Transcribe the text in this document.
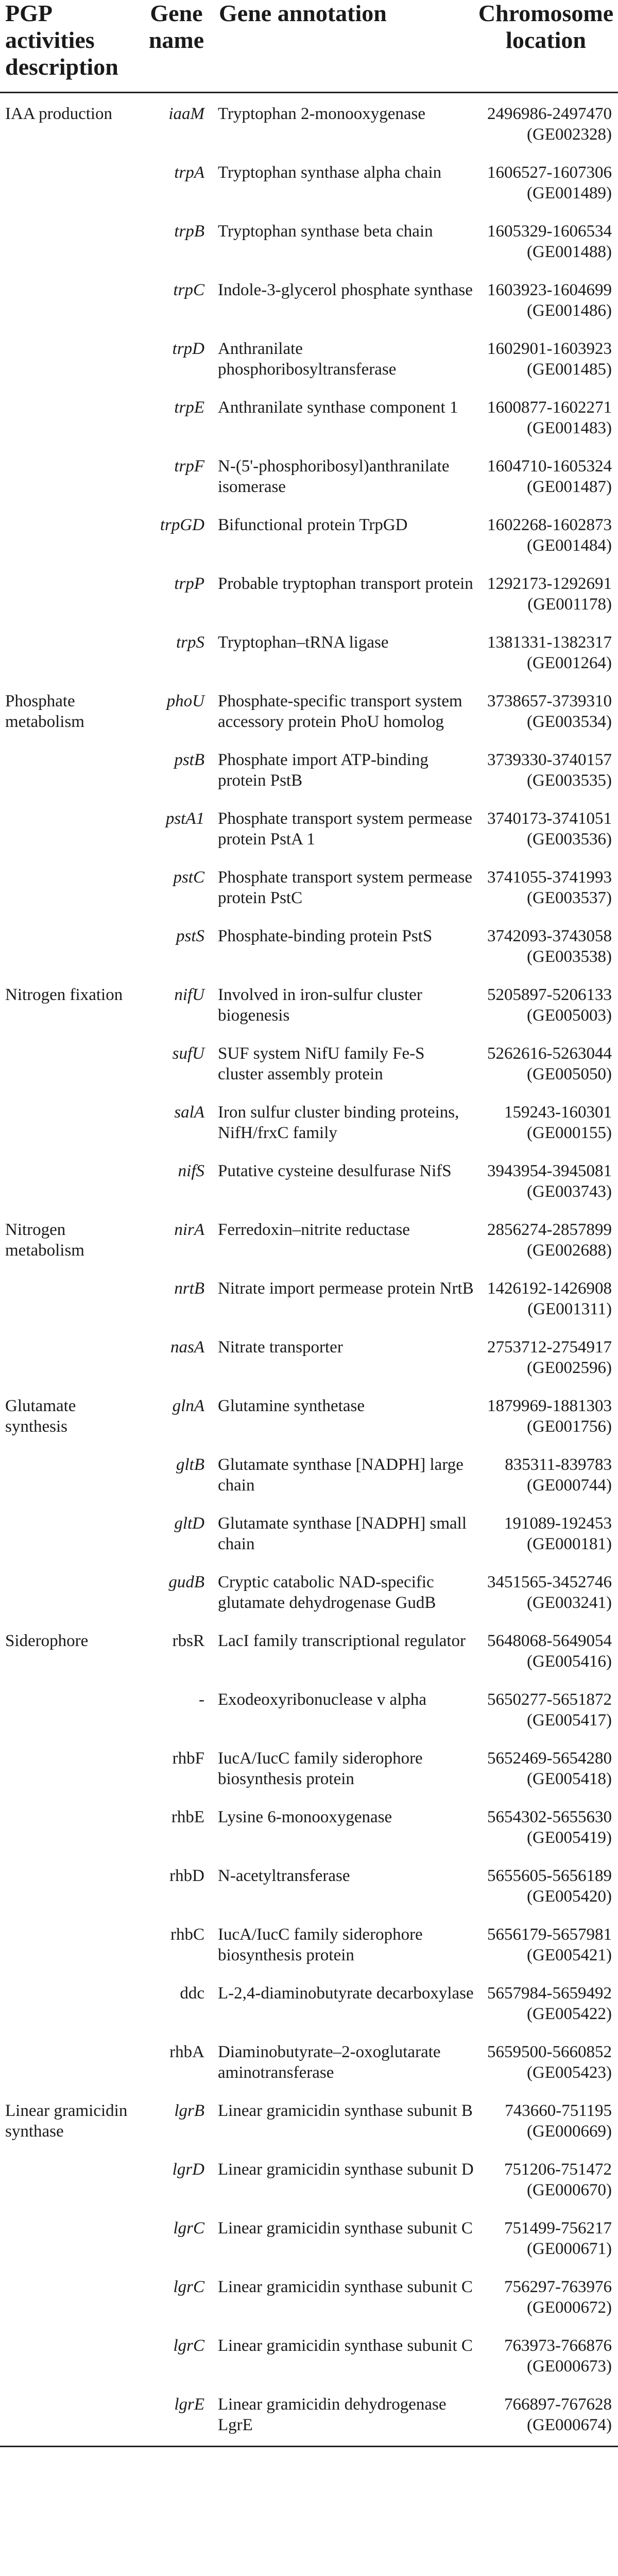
PGP activities description	Gene name	Gene annotation	Chromosome location
IAA production	iaaM	Tryptophan 2-monooxygenase	2496986-2497470 (GE002328)

	trpA	Tryptophan synthase alpha chain	1606527-1607306 (GE001489)

	trpB	Tryptophan synthase beta chain	1605329-1606534 (GE001488)

	trpC	Indole-3-glycerol phosphate synthase	1603923-1604699 (GE001486)

	trpD	Anthranilate phosphoribosyltransferase	1602901-1603923 (GE001485)

	trpE	Anthranilate synthase component 1	1600877-1602271 (GE001483)

	trpF	N-(5'-phosphoribosyl)anthranilate isomerase	1604710-1605324 (GE001487)

	trpGD	Bifunctional protein TrpGD	1602268-1602873 (GE001484)

	trpP	Probable tryptophan transport protein	1292173-1292691 (GE001178)

	trpS	Tryptophan–tRNA ligase	1381331-1382317 (GE001264)

Phosphate metabolism	phoU	Phosphate-specific transport system accessory protein PhoU homolog	3738657-3739310 (GE003534)

	pstB	Phosphate import ATP-binding protein PstB	3739330-3740157 (GE003535)

	pstA1	Phosphate transport system permease protein PstA 1	3740173-3741051 (GE003536)

	pstC	Phosphate transport system permease protein PstC	3741055-3741993 (GE003537)

	pstS	Phosphate-binding protein PstS	3742093-3743058 (GE003538)

Nitrogen fixation	nifU	Involved in iron-sulfur cluster biogenesis	5205897-5206133 (GE005003)

	sufU	SUF system NifU family Fe-S cluster assembly protein	5262616-5263044 (GE005050)

	salA	Iron sulfur cluster binding proteins, NifH/frxC family	159243-160301 (GE000155)

	nifS	Putative cysteine desulfurase NifS	3943954-3945081 (GE003743)

Nitrogen metabolism	nirA	Ferredoxin–nitrite reductase	2856274-2857899 (GE002688)

	nrtB	Nitrate import permease protein NrtB	1426192-1426908 (GE001311)

	nasA	Nitrate transporter	2753712-2754917 (GE002596)

Glutamate synthesis	glnA	Glutamine synthetase	1879969-1881303 (GE001756)

	gltB	Glutamate synthase [NADPH] large chain	835311-839783 (GE000744)

	gltD	Glutamate synthase [NADPH] small chain	191089-192453 (GE000181)

	gudB	Cryptic catabolic NAD-specific glutamate dehydrogenase GudB	3451565-3452746 (GE003241)

Siderophore	rbsR	LacI family transcriptional regulator	5648068-5649054 (GE005416)

	-	Exodeoxyribonuclease v alpha	5650277-5651872 (GE005417)

	rhbF	IucA/IucC family siderophore biosynthesis protein	5652469-5654280 (GE005418)

	rhbE	Lysine 6-monooxygenase	5654302-5655630 (GE005419)

	rhbD	N-acetyltransferase	5655605-5656189 (GE005420)

	rhbC	IucA/IucC family siderophore biosynthesis protein	5656179-5657981 (GE005421)

	ddc	L-2,4-diaminobutyrate decarboxylase	5657984-5659492 (GE005422)

	rhbA	Diaminobutyrate–2-oxoglutarate aminotransferase	5659500-5660852 (GE005423)

Linear gramicidin synthase	lgrB	Linear gramicidin synthase subunit B	743660-751195 (GE000669)

	lgrD	Linear gramicidin synthase subunit D	751206-751472 (GE000670)

	lgrC	Linear gramicidin synthase subunit C	751499-756217 (GE000671)

	lgrC	Linear gramicidin synthase subunit C	756297-763976 (GE000672)

	lgrC	Linear gramicidin synthase subunit C	763973-766876 (GE000673)

	lgrE	Linear gramicidin dehydrogenase LgrE	766897-767628 (GE000674)
